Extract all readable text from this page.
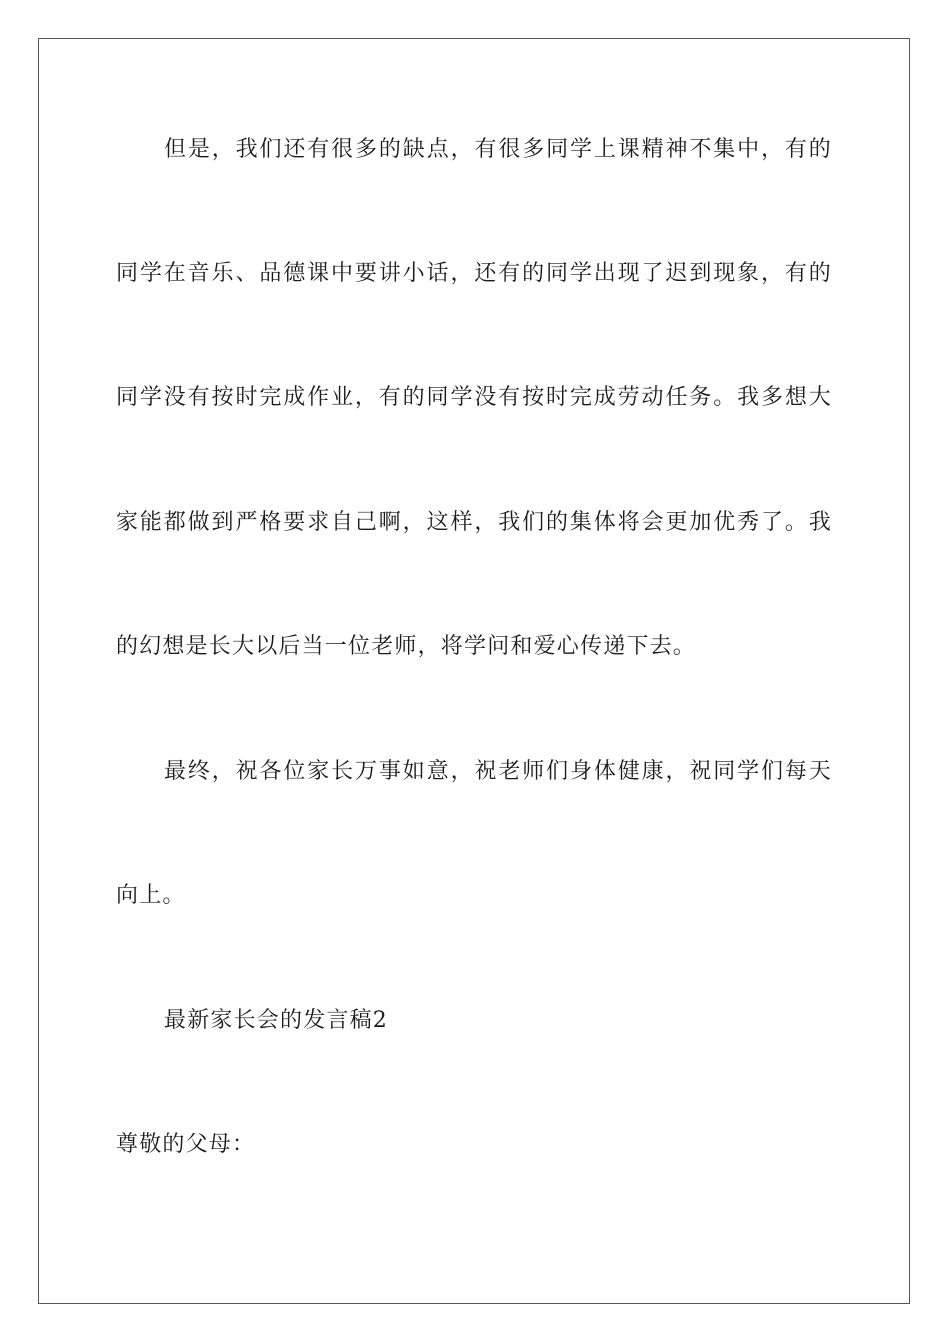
但是，我们还有很多的缺点，有很多同学上课精神不集中，有的
同学在音乐、品德课中要讲小话，还有的同学出现了迟到现象，有的
同学没有按时完成作业，有的同学没有按时完成劳动任务。我多想大
家能都做到严格要求自己啊，这样，我们的集体将会更加优秀了。我
的幻想是长大以后当一位老师，将学问和爱心传递下去。
最终，祝各位家长万事如意，祝老师们身体健康，祝同学们每天
向上。
最新家长会的发言稿2
尊敬的父母：
